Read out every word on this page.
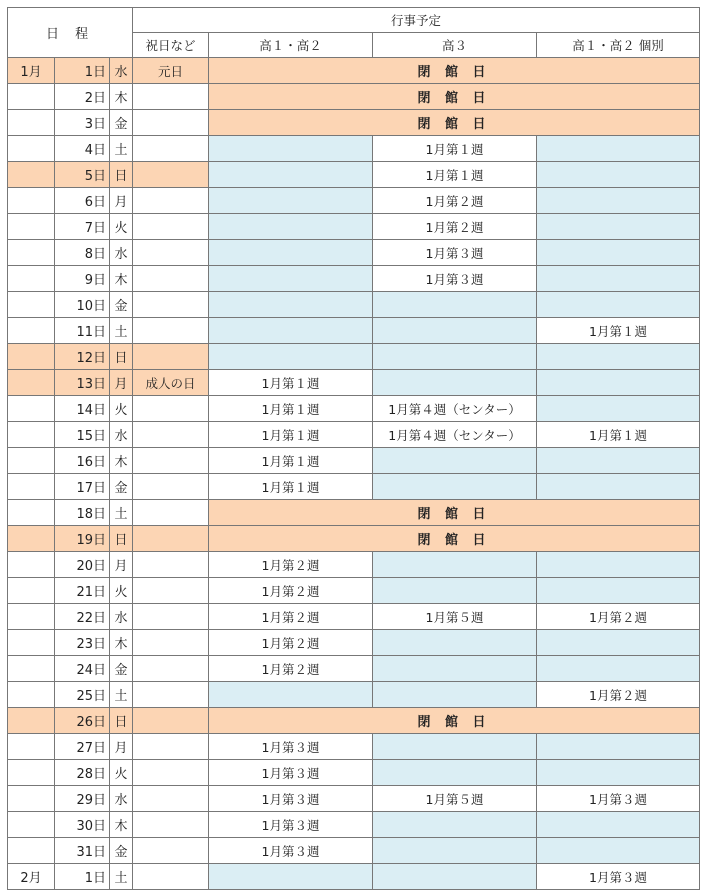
日 程			行事予定			
			祝日など	高１・高２	高３	高１・高２ 個別
1月	1日	水	元日	閉 館 日		
	2日	木		閉 館 日		
	3日	金		閉 館 日		
	4日	土			1月第１週	
	5日	日			1月第１週	
	6日	月			1月第２週	
	7日	火			1月第２週	
	8日	水			1月第３週	
	9日	木			1月第３週	
	10日	金				
	11日	土				1月第１週
	12日	日				
	13日	月	成人の日	1月第１週		
	14日	火		1月第１週	1月第４週（センター）	
	15日	水		1月第１週	1月第４週（センター）	1月第１週
	16日	木		1月第１週		
	17日	金		1月第１週		
	18日	土		閉 館 日		
	19日	日		閉 館 日		
	20日	月		1月第２週		
	21日	火		1月第２週		
	22日	水		1月第２週	1月第５週	1月第２週
	23日	木		1月第２週		
	24日	金		1月第２週		
	25日	土				1月第２週
	26日	日		閉 館 日		
	27日	月		1月第３週		
	28日	火		1月第３週		
	29日	水		1月第３週	1月第５週	1月第３週
	30日	木		1月第３週		
	31日	金		1月第３週		
2月	1日	土				1月第３週
